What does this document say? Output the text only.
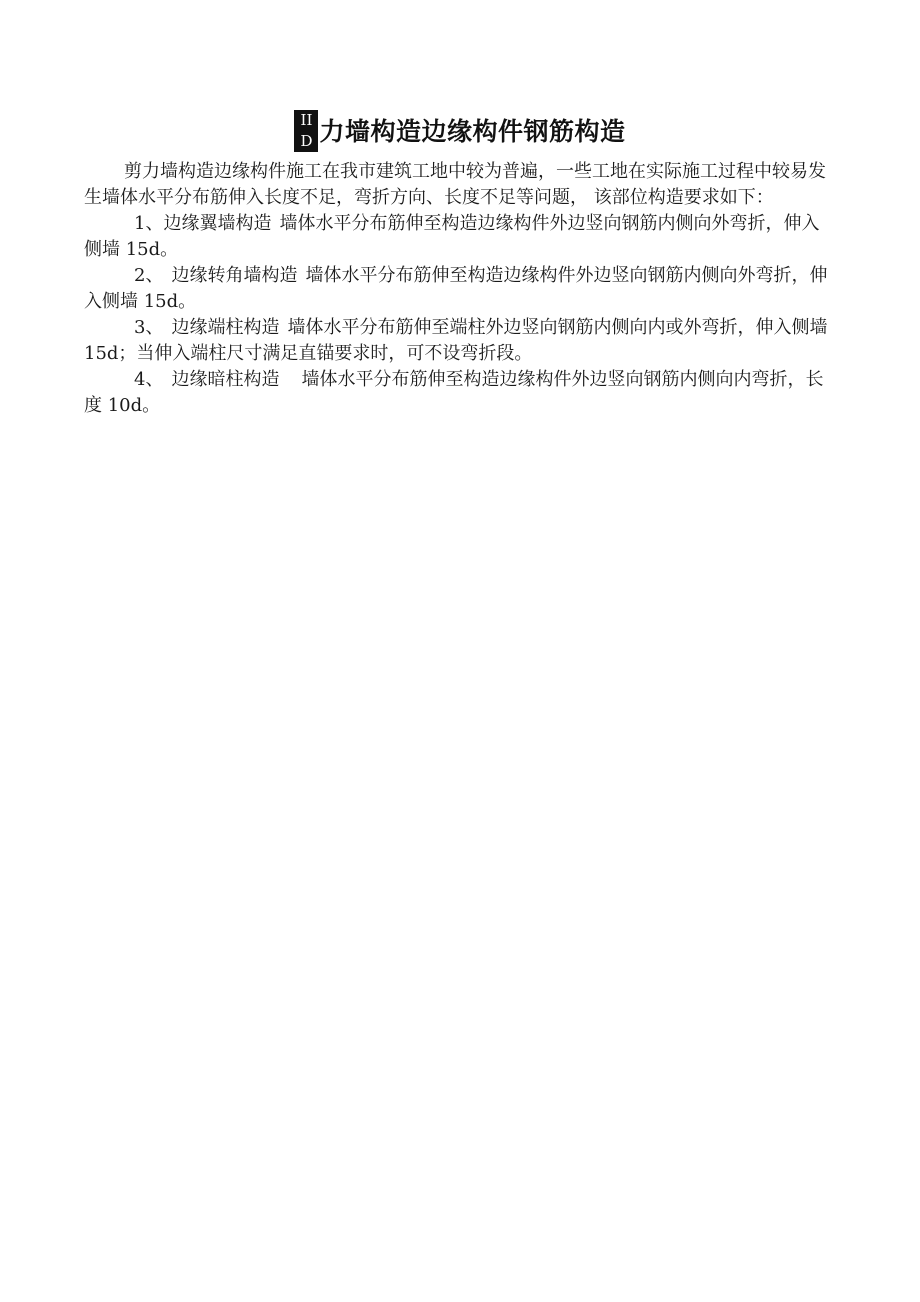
II
D 力墙构造边缘构件钢筋构造

剪力墙构造边缘构件施工在我市建筑工地中较为普遍，一些工地在实际施工过程中较易发生墙体水平分布筋伸入长度不足，弯折方向、长度不足等问题， 该部位构造要求如下：

1、边缘翼墙构造 墙体水平分布筋伸至构造边缘构件外边竖向钢筋内侧向外弯折，伸入侧墙 15d。

2、 边缘转角墙构造 墙体水平分布筋伸至构造边缘构件外边竖向钢筋内侧向外弯折，伸入侧墙 15d。

3、 边缘端柱构造 墙体水平分布筋伸至端柱外边竖向钢筋内侧向内或外弯折，伸入侧墙15d；当伸入端柱尺寸满足直锚要求时，可不设弯折段。

4、 边缘暗柱构造 墙体水平分布筋伸至构造边缘构件外边竖向钢筋内侧向内弯折，长度 10d。
